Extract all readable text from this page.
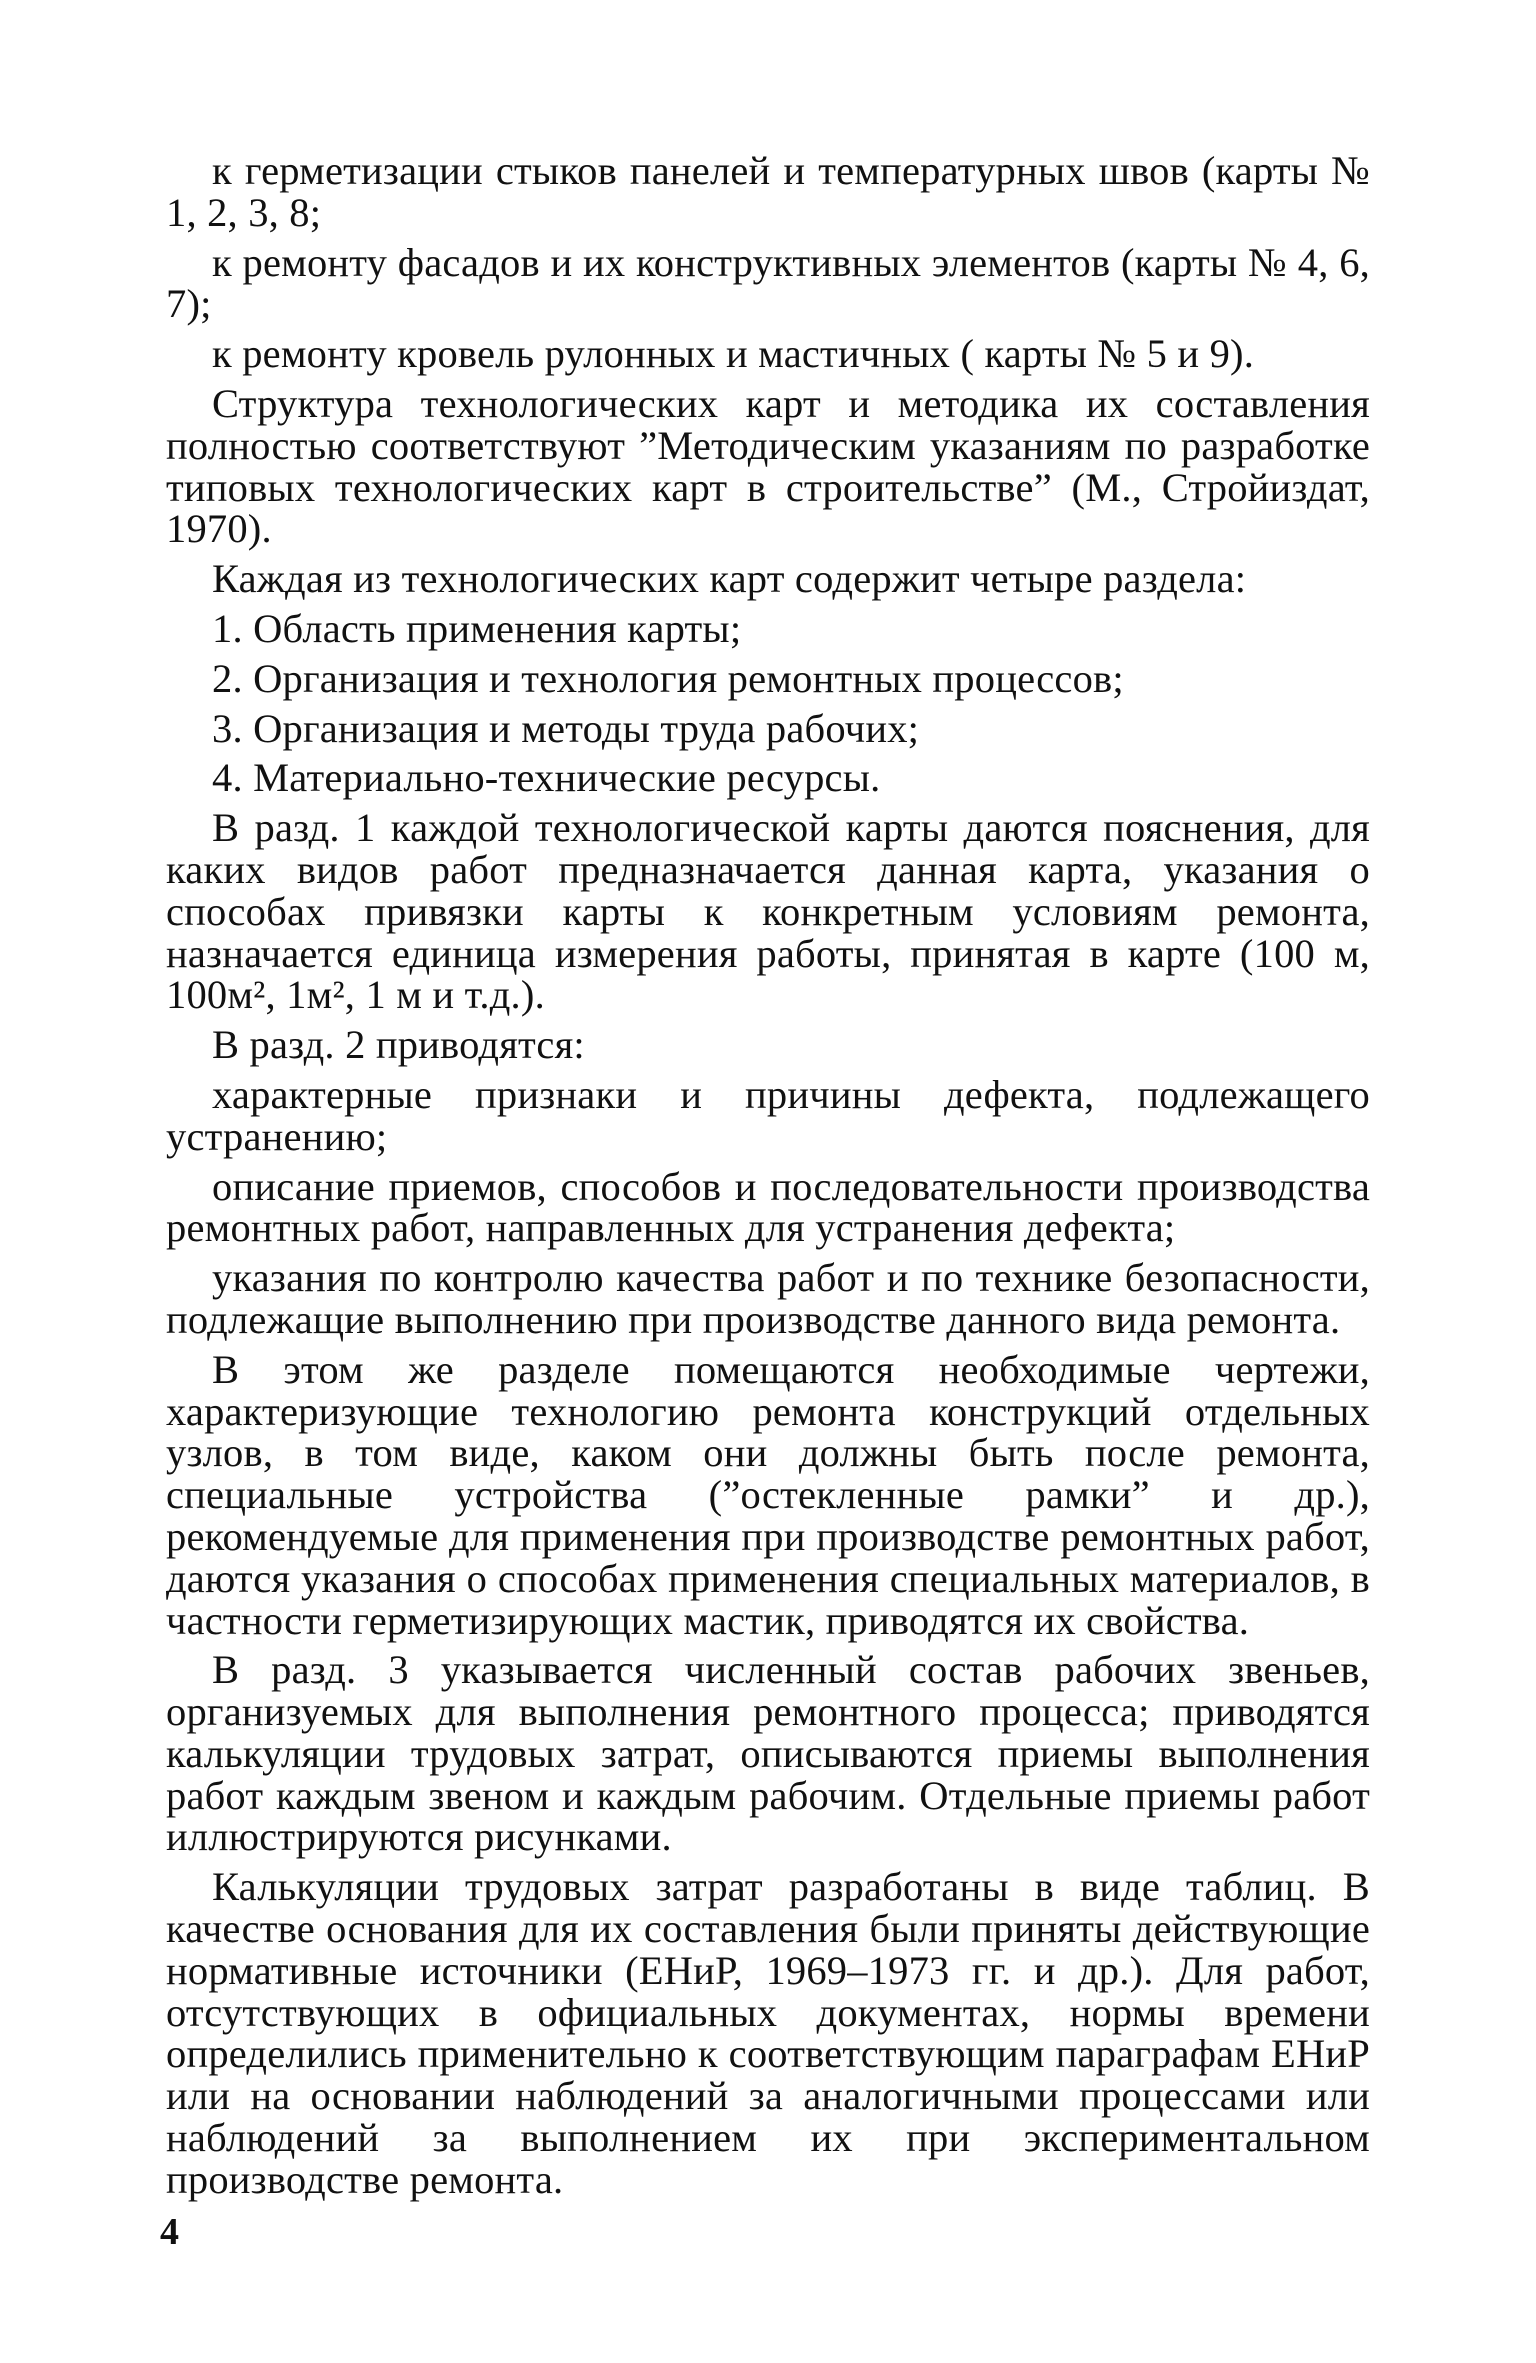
к герметизации стыков панелей и температурных швов (карты № 1, 2, 3, 8;

к ремонту фасадов и их конструктивных элементов (карты № 4, 6, 7);

к ремонту кровель рулонных и мастичных ( карты № 5 и 9).

Структура технологических карт и методика их составления полностью соответствуют ”Методическим указаниям по разработке типовых технологических карт в строительстве” (М., Стройиздат, 1970).

Каждая из технологических карт содержит четыре раздела:

1. Область применения карты;

2. Организация и технология ремонтных процессов;

3. Организация и методы труда рабочих;

4. Материально-технические ресурсы.

В разд. 1 каждой технологической карты даются пояснения, для каких видов работ предназначается данная карта, указания о способах привязки карты к конкретным условиям ремонта, назначается единица измерения работы, принятая в карте (100 м, 100м², 1м², 1 м и т.д.).

В разд. 2 приводятся:

характерные признаки и причины дефекта, подлежащего устранению;

описание приемов, способов и последовательности производства ремонтных работ, направленных для устранения дефекта;

указания по контролю качества работ и по технике безопасности, подлежащие выполнению при производстве данного вида ремонта.

В этом же разделе помещаются необходимые чертежи, характеризующие технологию ремонта конструкций отдельных узлов, в том виде, каком они должны быть после ремонта, специальные устройства (”остекленные рамки” и др.), рекомендуемые для применения при производстве ремонтных работ, даются указания о способах применения специальных материалов, в частности герметизирующих мастик, приводятся их свойства.

В разд. 3 указывается численный состав рабочих звеньев, организуемых для выполнения ремонтного процесса; приводятся калькуляции трудовых затрат, описываются приемы выполнения работ каждым звеном и каждым рабочим. Отдельные приемы работ иллюстрируются рисунками.

Калькуляции трудовых затрат разработаны в виде таблиц. В качестве основания для их составления были приняты действующие нормативные источники (ЕНиР, 1969–1973 гг. и др.). Для работ, отсутствующих в официальных документах, нормы времени определились применительно к соответствующим параграфам ЕНиР или на основании наблюдений за аналогичными процессами или наблюдений за выполнением их при экспериментальном производстве ремонта.

4
